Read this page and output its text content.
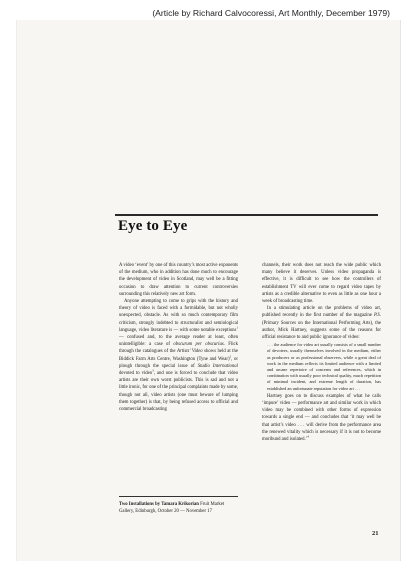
(Article by Richard Calvocoressi, Art Monthly, December 1979)
Eye to Eye

A video ‘event’ by one of this country’s most active exponents of the medium, who in addition has done much to encourage the development of video in Scotland, may well be a fitting occasion to draw attention to current controversies surrounding this relatively new art form.

Anyone attempting to come to grips with the history and theory of video is faced with a formidable, but not wholly unexpected, obstacle. As with so much contemporary film criticism, strongly indebted to structuralist and semiological language, video literature is — with some notable exceptions$^1$ — confused and, to the average reader at least, often unintelligible: a case of obscurum per obscurius. Flick through the catalogues of the Artists’ Video shows held at the Biddick Farm Arts Centre, Washington (Tyne and Wear)$^2$, or plough through the special issue of Studio International devoted to video$^3$, and one is forced to conclude that video artists are their own worst publicists. This is sad and not a little ironic, for one of the principal complaints made by some, though not all, video artists (one must beware of lumping them together) is that, by being refused access to official and commercial broadcasting

Two Installations by Tamara Krikorian Fruit Market Gallery, Edinburgh, October 20 — November 17

channels, their work does not reach the wide public which many believe it deserves. Unless video propaganda is effective, it is difficult to see how the controllers of establishment TV will ever come to regard video tapes by artists as a credible alternative to even as little as one hour a week of broadcasting time.

In a stimulating article on the problems of video art, published recently in the first number of the magazine P.S. (Primary Sources on the International Performing Arts), the author, Mick Hartney, suggests some of the reasons for official resistance to and public ignorance of video:

. . . the audience for video art usually consists of a small number of devotees, usually themselves involved in the medium, either as producers or as professional observers, while a great deal of work in the medium reflects its limited audience with a limited and arcane repertoire of concerns and references, which in combination with usually poor technical quality, much repetition of minimal incident, and extreme length of duration, has established an unfortunate reputation for video art . . .

Hartney goes on to discuss examples of what he calls ‘impure’ video — performance art and similar work in which video may be combined with other forms of expression towards a single end — and concludes that ‘it may well be that artist’s video . . . will derive from the performance area the renewed vitality which is necessary if it is not to become moribund and isolated.’$^4$

21
